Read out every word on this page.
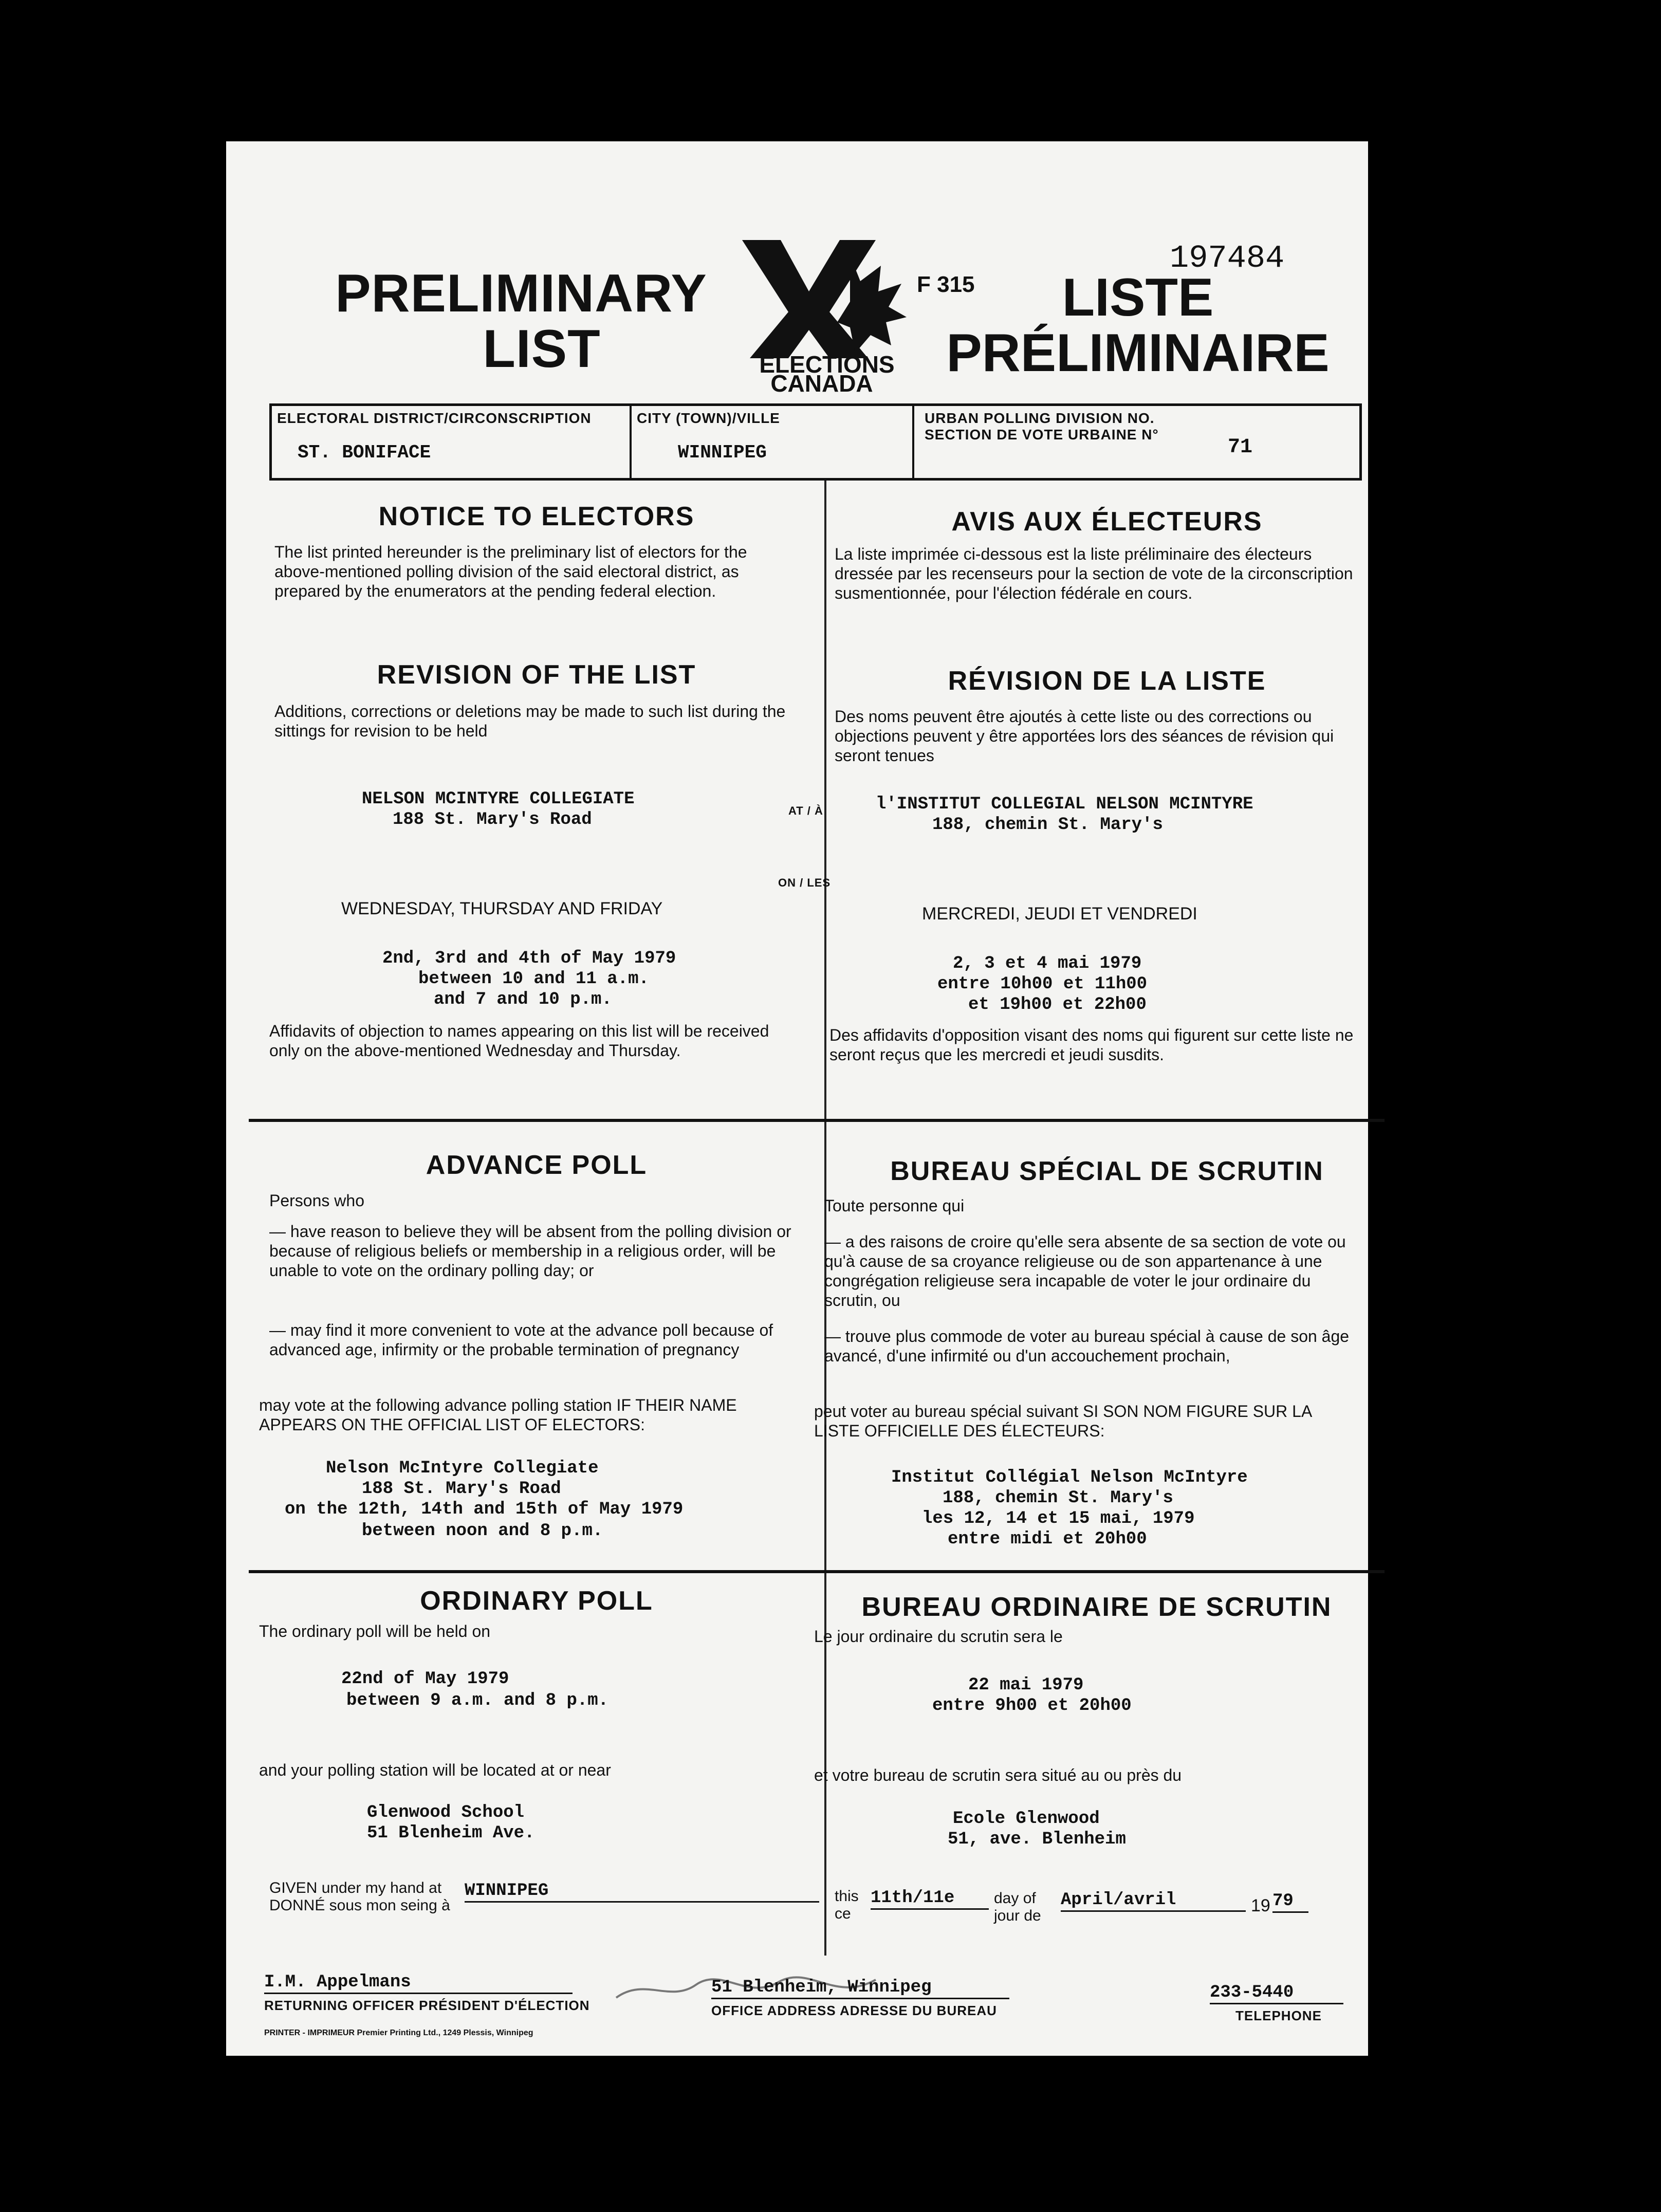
PRELIMINARY
LIST	ELECTIONS
CANADA
F 315
197484
LISTE
PRÉLIMINAIRE
ELECTORAL DISTRICT/CIRCONSCRIPTION
ST. BONIFACE
CITY (TOWN)/VILLE
WINNIPEG
URBAN POLLING DIVISION NO.
SECTION DE VOTE URBAINE N°
71
NOTICE TO ELECTORS	AVIS AUX ÉLECTEURS
The list printed hereunder is the preliminary list of electors for the above-mentioned polling division of the said electoral district, as prepared by the enumerators at the pending federal election.
La liste imprimée ci-dessous est la liste préliminaire des électeurs dressée par les recenseurs pour la section de vote de la circonscription susmentionnée, pour l'élection fédérale en cours.
REVISION OF THE LIST	RÉVISION DE LA LISTE
Additions, corrections or deletions may be made to such list during the sittings for revision to be held
Des noms peuvent être ajoutés à cette liste ou des corrections ou objections peuvent y être apportées lors des séances de révision qui seront tenues
NELSON MCINTYRE COLLEGIATE
188 St. Mary's Road	AT / À	l'INSTITUT COLLEGIAL NELSON MCINTYRE
188, chemin St. Mary's
ON / LES
WEDNESDAY, THURSDAY AND FRIDAY	MERCREDI, JEUDI ET VENDREDI
2nd, 3rd and 4th of May 1979
between 10 and 11 a.m.
and 7 and 10 p.m.
2, 3 et 4 mai 1979
entre 10h00 et 11h00
et 19h00 et 22h00
Affidavits of objection to names appearing on this list will be received only on the above-mentioned Wednesday and Thursday.
Des affidavits d'opposition visant des noms qui figurent sur cette liste ne seront reçus que les mercredi et jeudi susdits.
ADVANCE POLL	BUREAU SPÉCIAL DE SCRUTIN
Persons who	Toute personne qui
— have reason to believe they will be absent from the polling division or because of religious beliefs or membership in a religious order, will be unable to vote on the ordinary polling day; or
— may find it more convenient to vote at the advance poll because of advanced age, infirmity or the probable termination of pregnancy
— a des raisons de croire qu'elle sera absente de sa section de vote ou qu'à cause de sa croyance religieuse ou de son appartenance à une congrégation religieuse sera incapable de voter le jour ordinaire du scrutin, ou
— trouve plus commode de voter au bureau spécial à cause de son âge avancé, d'une infirmité ou d'un accouchement prochain,
may vote at the following advance polling station IF THEIR NAME APPEARS ON THE OFFICIAL LIST OF ELECTORS:
peut voter au bureau spécial suivant SI SON NOM FIGURE SUR LA LISTE OFFICIELLE DES ÉLECTEURS:
Nelson McIntyre Collegiate
188 St. Mary's Road
on the 12th, 14th and 15th of May 1979
between noon and 8 p.m.
Institut Collégial Nelson McIntyre
188, chemin St. Mary's
les 12, 14 et 15 mai, 1979
entre midi et 20h00
ORDINARY POLL	BUREAU ORDINAIRE DE SCRUTIN
The ordinary poll will be held on	Le jour ordinaire du scrutin sera le
22nd of May 1979
between 9 a.m. and 8 p.m.
22 mai 1979
entre 9h00 et 20h00
and your polling station will be located at or near	et votre bureau de scrutin sera situé au ou près du
Glenwood School
51 Blenheim Ave.
Ecole Glenwood
51, ave. Blenheim
GIVEN under my hand at
DONNÉ sous mon seing à
WINNIPEG	this
ce
11th/11e	day of
jour de
April/avril	19 79
I.M. Appelmans
RETURNING OFFICER PRÉSIDENT D'ÉLECTION
51 Blenheim, Winnipeg
OFFICE ADDRESS ADRESSE DU BUREAU
233-5440
TELEPHONE
PRINTER - IMPRIMEUR Premier Printing Ltd., 1249 Plessis, Winnipeg
